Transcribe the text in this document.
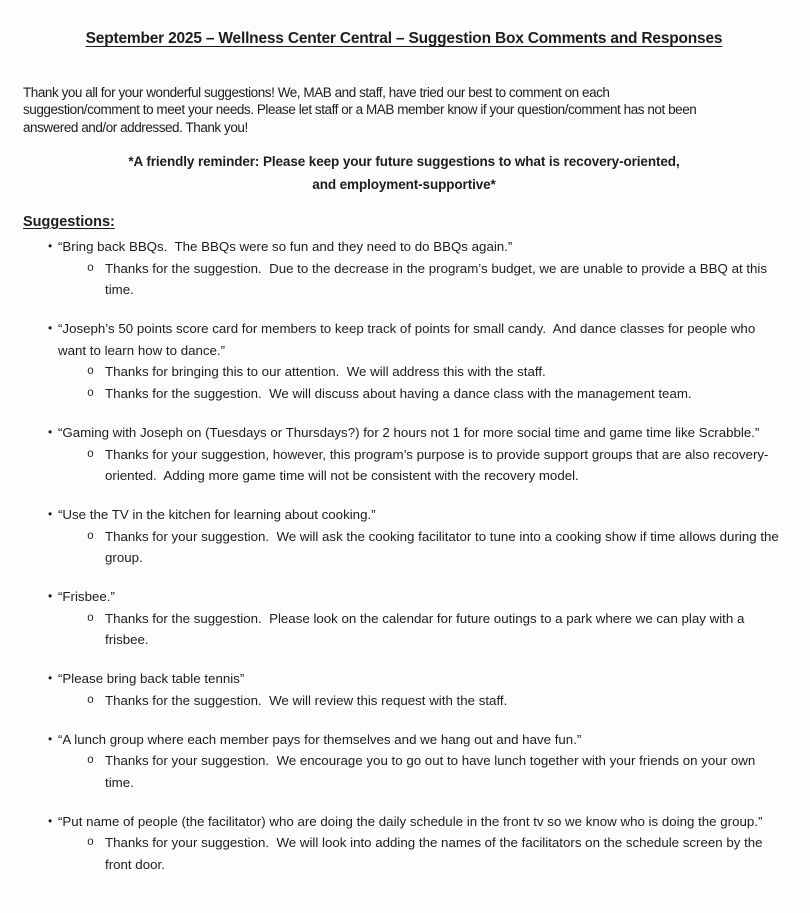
September 2025 – Wellness Center Central – Suggestion Box Comments and Responses
Thank you all for your wonderful suggestions! We, MAB and staff, have tried our best to comment on each
suggestion/comment to meet your needs. Please let staff or a MAB member know if your question/comment has not been
answered and/or addressed. Thank you!
*A friendly reminder: Please keep your future suggestions to what is recovery-oriented,
and employment-supportive*
Suggestions:
• “Bring back BBQs.  The BBQs were so fun and they need to do BBQs again.”
o Thanks for the suggestion.  Due to the decrease in the program’s budget, we are unable to provide a BBQ at this time.
• “Joseph’s 50 points score card for members to keep track of points for small candy.  And dance classes for people who want to learn how to dance.”
o Thanks for bringing this to our attention.  We will address this with the staff.
o Thanks for the suggestion.  We will discuss about having a dance class with the management team.
• “Gaming with Joseph on (Tuesdays or Thursdays?) for 2 hours not 1 for more social time and game time like Scrabble.”
o Thanks for your suggestion, however, this program’s purpose is to provide support groups that are also recovery-oriented.  Adding more game time will not be consistent with the recovery model.
• “Use the TV in the kitchen for learning about cooking.”
o Thanks for your suggestion.  We will ask the cooking facilitator to tune into a cooking show if time allows during the group.
• “Frisbee.”
o Thanks for the suggestion.  Please look on the calendar for future outings to a park where we can play with a frisbee.
• “Please bring back table tennis”
o Thanks for the suggestion.  We will review this request with the staff.
• “A lunch group where each member pays for themselves and we hang out and have fun.”
o Thanks for your suggestion.  We encourage you to go out to have lunch together with your friends on your own time.
• “Put name of people (the facilitator) who are doing the daily schedule in the front tv so we know who is doing the group.”
o Thanks for your suggestion.  We will look into adding the names of the facilitators on the schedule screen by the front door.
